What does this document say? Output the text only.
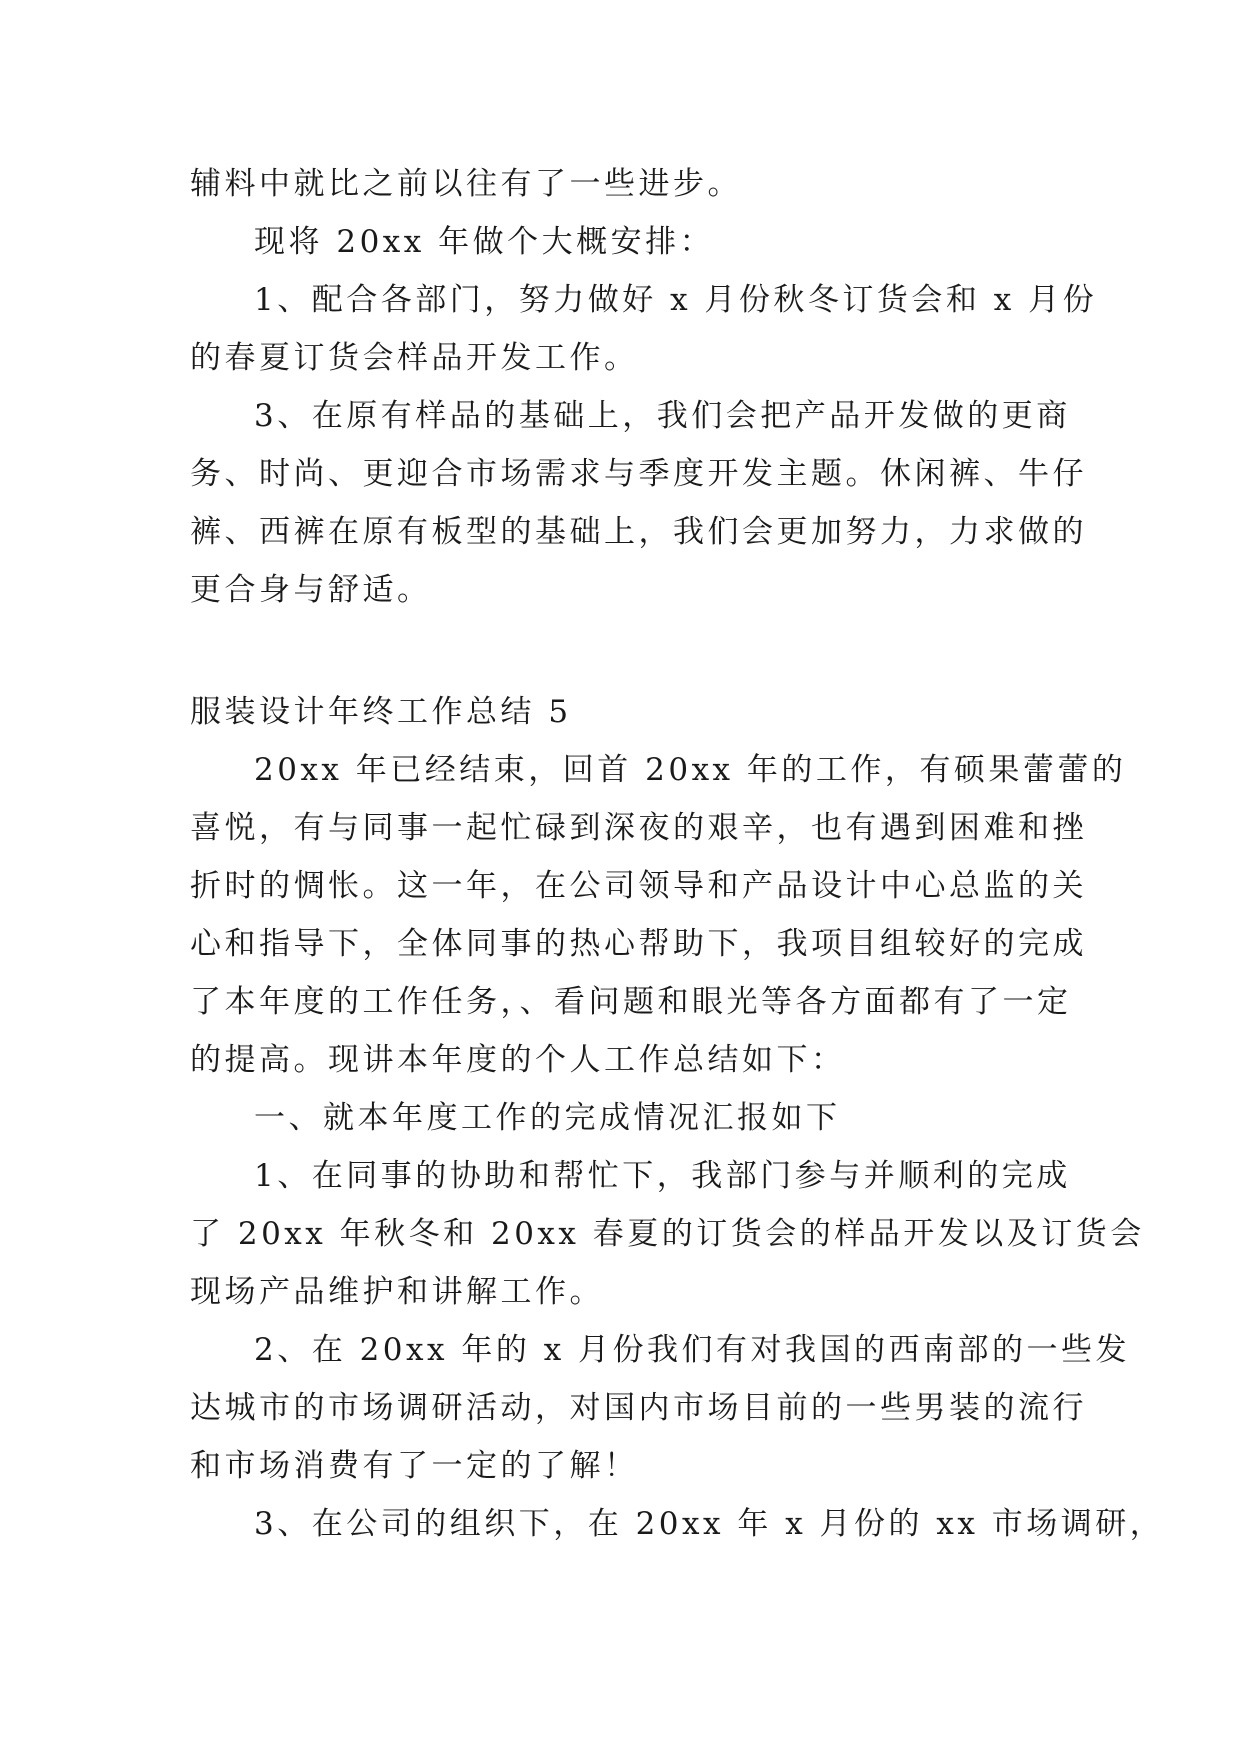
辅料中就比之前以往有了一些进步。
现将 20xx 年做个大概安排：
1、配合各部门，努力做好 x 月份秋冬订货会和 x 月份
的春夏订货会样品开发工作。
3、在原有样品的基础上，我们会把产品开发做的更商
务、时尚、更迎合市场需求与季度开发主题。休闲裤、牛仔
裤、西裤在原有板型的基础上，我们会更加努力，力求做的
更合身与舒适。
服装设计年终工作总结 5
20xx 年已经结束，回首 20xx 年的工作，有硕果蕾蕾的
喜悦，有与同事一起忙碌到深夜的艰辛，也有遇到困难和挫
折时的惆怅。这一年，在公司领导和产品设计中心总监的关
心和指导下，全体同事的热心帮助下，我项目组较好的完成
了本年度的工作任务，、看问题和眼光等各方面都有了一定
的提高。现讲本年度的个人工作总结如下：
一、就本年度工作的完成情况汇报如下
1、在同事的协助和帮忙下，我部门参与并顺利的完成
了 20xx 年秋冬和 20xx 春夏的订货会的样品开发以及订货会
现场产品维护和讲解工作。
2、在 20xx 年的 x 月份我们有对我国的西南部的一些发
达城市的市场调研活动，对国内市场目前的一些男装的流行
和市场消费有了一定的了解！
3、在公司的组织下，在 20xx 年 x 月份的 xx 市场调研，
